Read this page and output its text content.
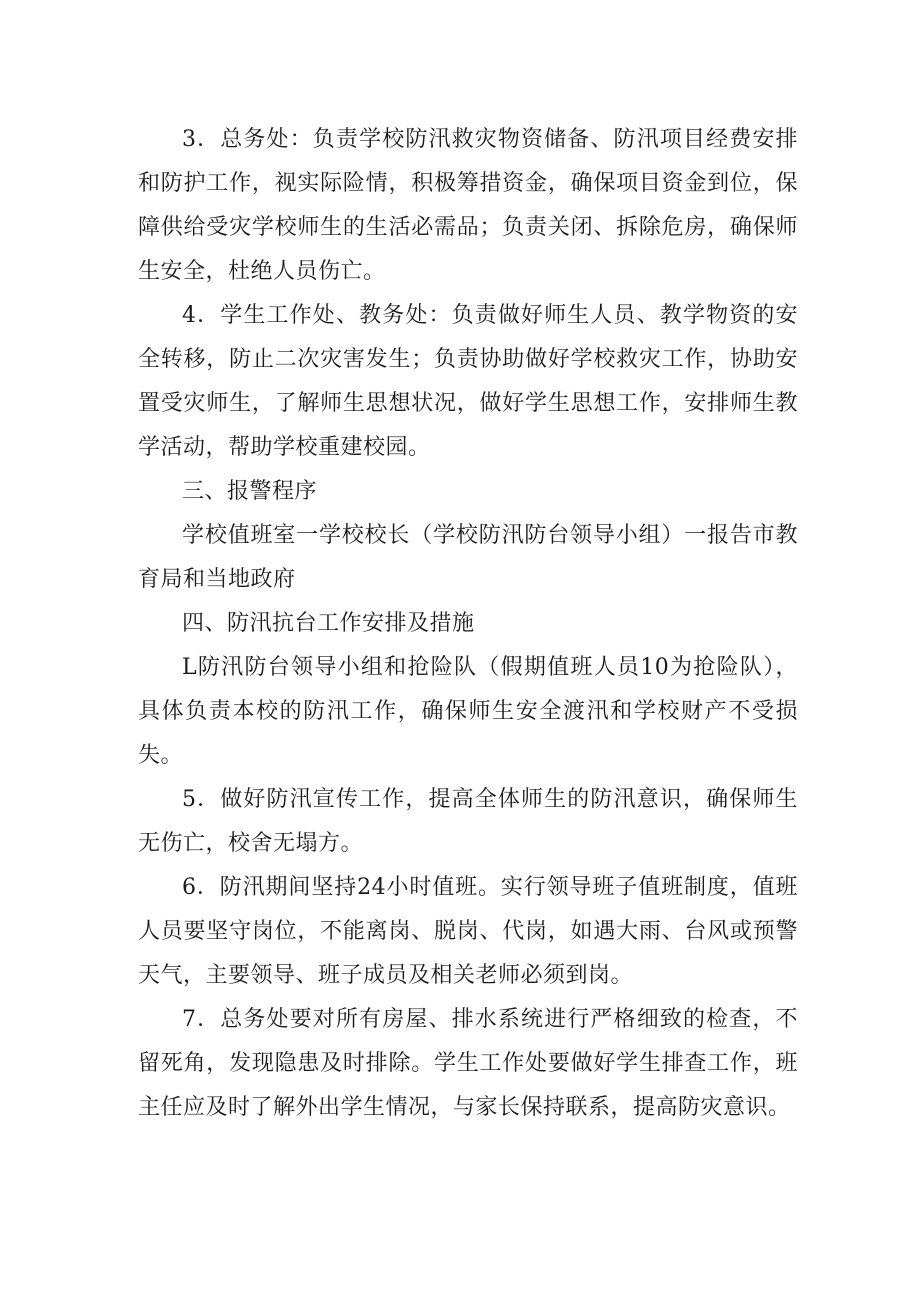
3．总务处：负责学校防汛救灾物资储备、防汛项目经费安排和防护工作，视实际险情，积极筹措资金，确保项目资金到位，保障供给受灾学校师生的生活必需品；负责关闭、拆除危房，确保师生安全，杜绝人员伤亡。

4．学生工作处、教务处：负责做好师生人员、教学物资的安全转移，防止二次灾害发生；负责协助做好学校救灾工作，协助安置受灾师生，了解师生思想状况，做好学生思想工作，安排师生教学活动，帮助学校重建校园。

三、报警程序

学校值班室一学校校长（学校防汛防台领导小组）一报告市教育局和当地政府

四、防汛抗台工作安排及措施

L防汛防台领导小组和抢险队（假期值班人员10为抢险队），具体负责本校的防汛工作，确保师生安全渡汛和学校财产不受损失。

5．做好防汛宣传工作，提高全体师生的防汛意识，确保师生无伤亡，校舍无塌方。

6．防汛期间坚持24小时值班。实行领导班子值班制度，值班人员要坚守岗位，不能离岗、脱岗、代岗，如遇大雨、台风或预警天气，主要领导、班子成员及相关老师必须到岗。

7．总务处要对所有房屋、排水系统进行严格细致的检查，不留死角，发现隐患及时排除。学生工作处要做好学生排查工作，班主任应及时了解外出学生情况，与家长保持联系，提高防灾意识。
